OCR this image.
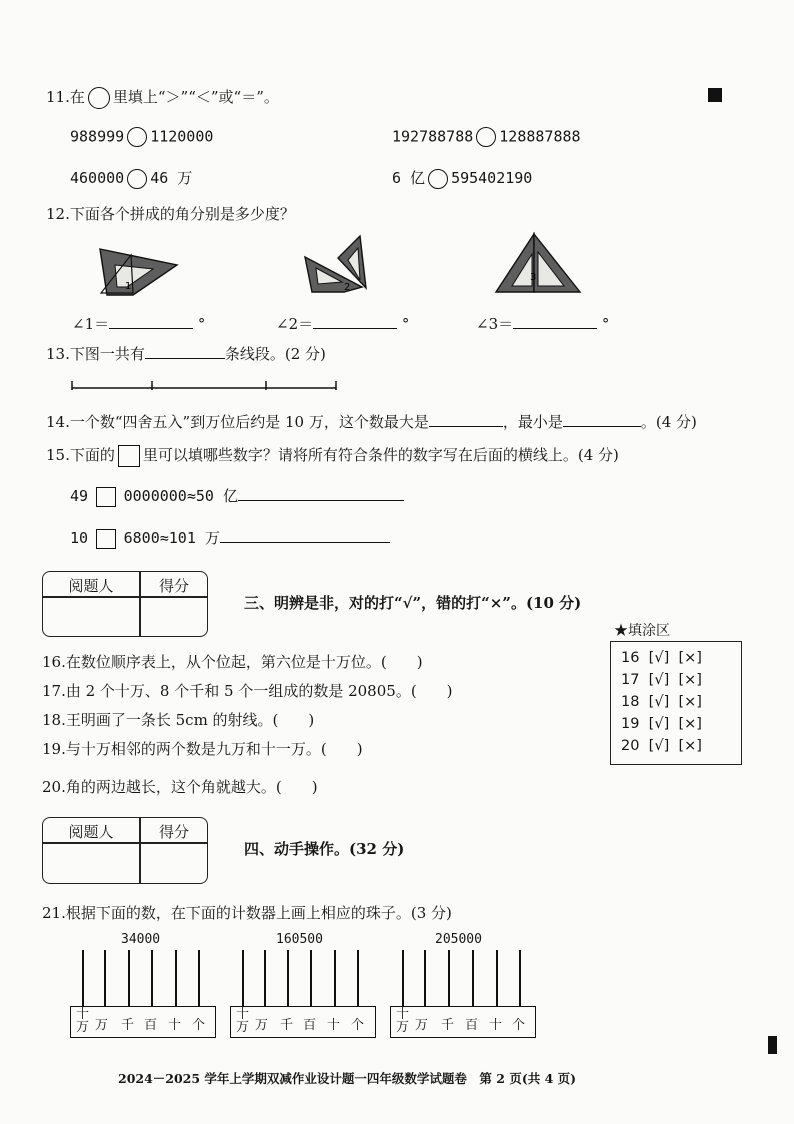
11.在 里填上“＞”“＜”或“＝”。
988999 1120000	192788788 128887888
460000 46 万	6 亿 595402190
12.下面各个拼成的角分别是多少度？
1	2
3
∠1＝	°	∠2＝	°	∠3＝	°
13.下图一共有	条线段。(2 分)
14.一个数“四舍五入”到万位后约是 10 万，这个数最大是	，最小是	。(4 分)
15.下面的 里可以填哪些数字？请将所有符合条件的数字写在后面的横线上。(4 分)
49 0000000≈50 亿
10 6800≈101 万
阅题人	得分
三、明辨是非，对的打“√”，错的打“×”。(10 分)
16.在数位顺序表上，从个位起，第六位是十万位。(　　)
17.由 2 个十万、8 个千和 5 个一组成的数是 20805。(　　)
18.王明画了一条长 5cm 的射线。(　　)
19.与十万相邻的两个数是九万和十一万。(　　)
20.角的两边越长，这个角就越大。(　　)
★填涂区
16 [√] [×]
17 [√] [×]
18 [√] [×]
19 [√] [×]
20 [√] [×]
阅题人	得分
四、动手操作。(32 分)
21.根据下面的数，在下面的计数器上画上相应的珠子。(3 分)
34000	160500	205000
十
万 万 千 百 十 个
十
万 万 千 百 十 个
十
万 万 千 百 十 个
2024－2025 学年上学期双减作业设计题一四年级数学试题卷　第 2 页(共 4 页)
